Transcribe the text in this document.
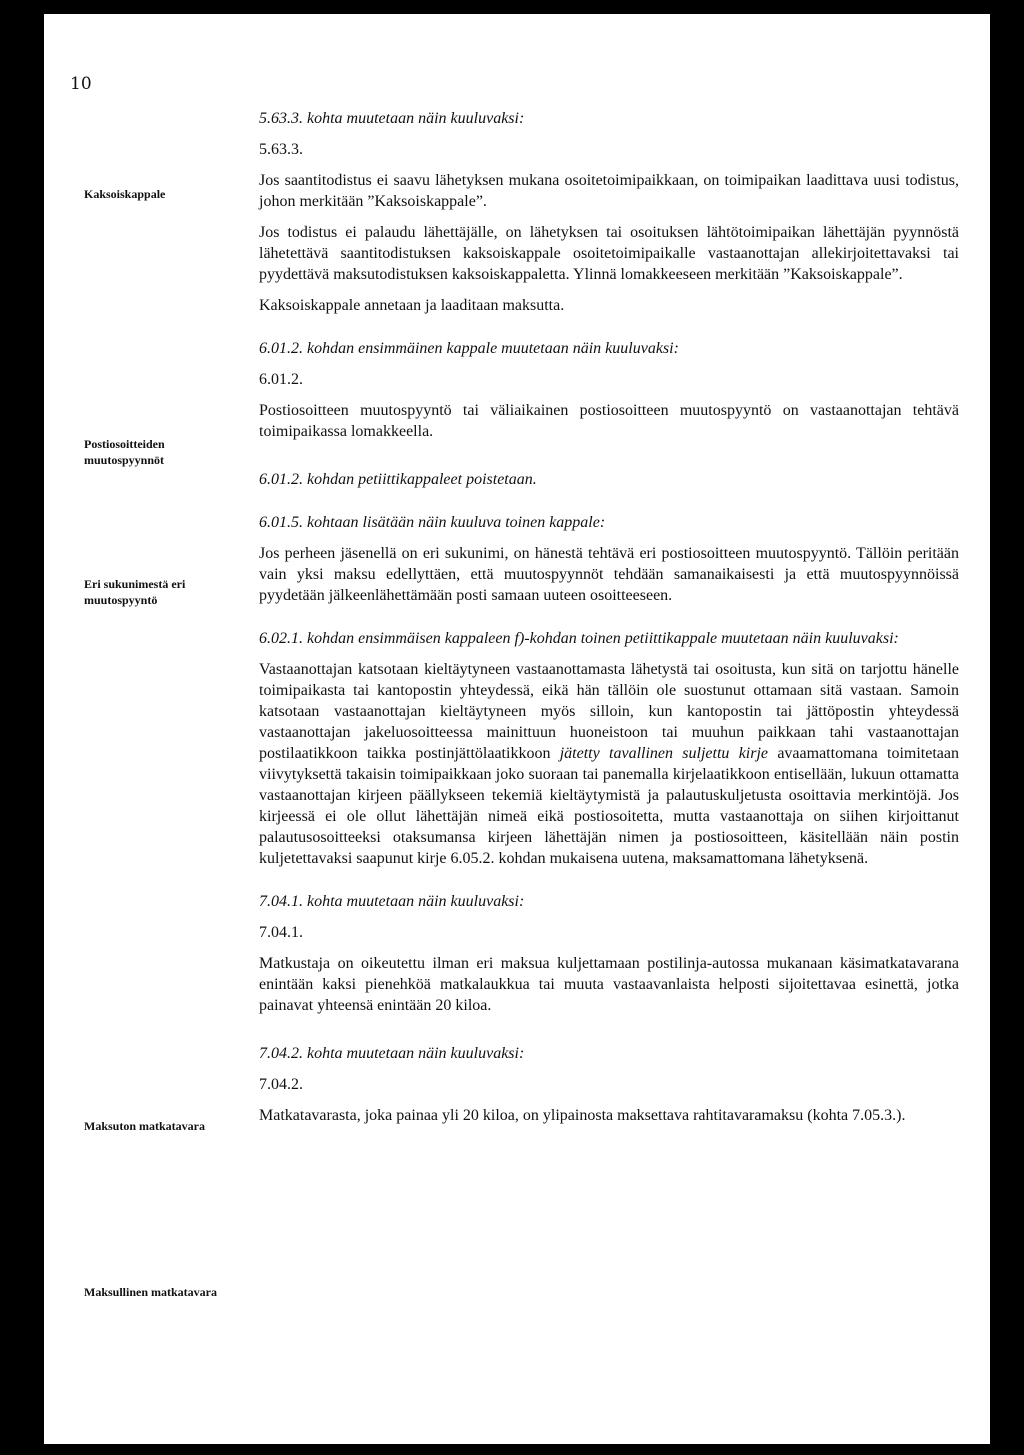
10
Kaksoiskappale
Postiosoitteiden muutospyynnöt
Eri sukunimestä eri muutospyyntö
Maksuton matkatavara
Maksullinen matkatavara

5.63.3. kohta muutetaan näin kuuluvaksi:

5.63.3.

Jos saantitodistus ei saavu lähetyksen mukana osoitetoimipaikkaan, on toimipaikan laadittava uusi todistus, johon merkitään ”Kaksoiskappale”.

Jos todistus ei palaudu lähettäjälle, on lähetyksen tai osoituksen lähtötoimipaikan lähettäjän pyynnöstä lähetettävä saantitodistuksen kaksoiskappale osoitetoimipaikalle vastaanottajan allekirjoitettavaksi tai pyydettävä maksutodistuksen kaksoiskappaletta. Ylinnä lomakkeeseen merkitään ”Kaksoiskappale”.

Kaksoiskappale annetaan ja laaditaan maksutta.

6.01.2. kohdan ensimmäinen kappale muutetaan näin kuuluvaksi:

6.01.2.

Postiosoitteen muutospyyntö tai väliaikainen postiosoitteen muutospyyntö on vastaanottajan tehtävä toimipaikassa lomakkeella.

6.01.2. kohdan petiittikappaleet poistetaan.

6.01.5. kohtaan lisätään näin kuuluva toinen kappale:

Jos perheen jäsenellä on eri sukunimi, on hänestä tehtävä eri postiosoitteen muutospyyntö. Tällöin peritään vain yksi maksu edellyttäen, että muutospyynnöt tehdään samanaikaisesti ja että muutospyynnöissä pyydetään jälkeenlähettämään posti samaan uuteen osoitteeseen.

6.02.1. kohdan ensimmäisen kappaleen f)-kohdan toinen petiittikappale muutetaan näin kuuluvaksi:

Vastaanottajan katsotaan kieltäytyneen vastaanottamasta lähetystä tai osoitusta, kun sitä on tarjottu hänelle toimipaikasta tai kantopostin yhteydessä, eikä hän tällöin ole suostunut ottamaan sitä vastaan. Samoin katsotaan vastaanottajan kieltäytyneen myös silloin, kun kantopostin tai jättöpostin yhteydessä vastaanottajan jakeluosoitteessa mainittuun huoneistoon tai muuhun paikkaan tahi vastaanottajan postilaatikkoon taikka postinjättölaatikkoon jätetty tavallinen suljettu kirje avaamattomana toimitetaan viivytyksettä takaisin toimipaikkaan joko suoraan tai panemalla kirjelaatikkoon entisellään, lukuun ottamatta vastaanottajan kirjeen päällykseen tekemiä kieltäytymistä ja palautuskuljetusta osoittavia merkintöjä. Jos kirjeessä ei ole ollut lähettäjän nimeä eikä postiosoitetta, mutta vastaanottaja on siihen kirjoittanut palautusosoitteeksi otaksumansa kirjeen lähettäjän nimen ja postiosoitteen, käsitellään näin postin kuljetettavaksi saapunut kirje 6.05.2. kohdan mukaisena uutena, maksamattomana lähetyksenä.

7.04.1. kohta muutetaan näin kuuluvaksi:

7.04.1.

Matkustaja on oikeutettu ilman eri maksua kuljettamaan postilinja-autossa mukanaan käsimatkatavarana enintään kaksi pienehköä matkalaukkua tai muuta vastaavanlaista helposti sijoitettavaa esinettä, jotka painavat yhteensä enintään 20 kiloa.

7.04.2. kohta muutetaan näin kuuluvaksi:

7.04.2.

Matkatavarasta, joka painaa yli 20 kiloa, on ylipainosta maksettava rahtitavaramaksu (kohta 7.05.3.).
